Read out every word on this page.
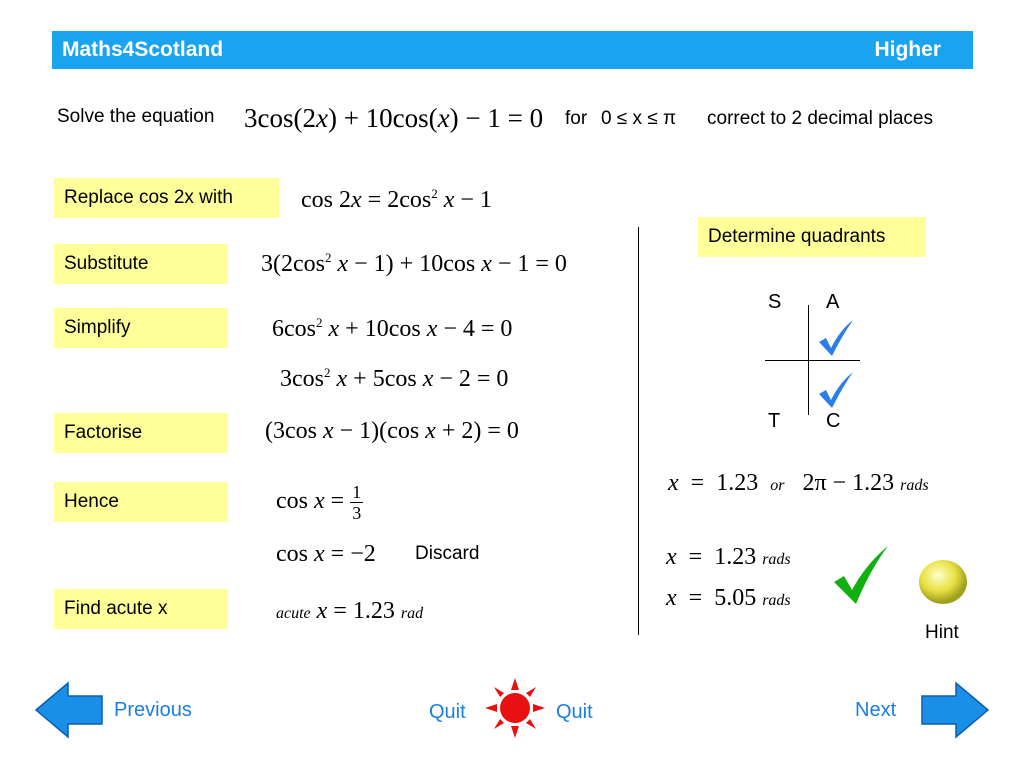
Maths4Scotland	Higher
Solve the equation 3cos(2x) + 10cos(x) − 1 = 0 for 0 ≤ x ≤ π correct to 2 decimal places
Replace cos 2x with
Substitute
Simplify
Factorise
Hence
Find acute x
$\cos 2x = 2\cos^2$ x − 1
$3(2\cos^2$ x − 1) + 10cos x − 1 = 0
$6\cos^2$ x + 10cos x − 4 = 0
$3\cos^2$ x + 5cos x − 2 = 0
(3cos x − 1)(cos x + 2) = 0
$\cos x = \frac{1}{3}$
cos x = −2 Discard
acute x = 1.23 rad
Determine quadrants
S A
T C
x  =  1.23 or 2π − 1.23 rads
x  =  1.23 rads
x  =  5.05 rads
Hint
Previous	Quit	Quit	Next
